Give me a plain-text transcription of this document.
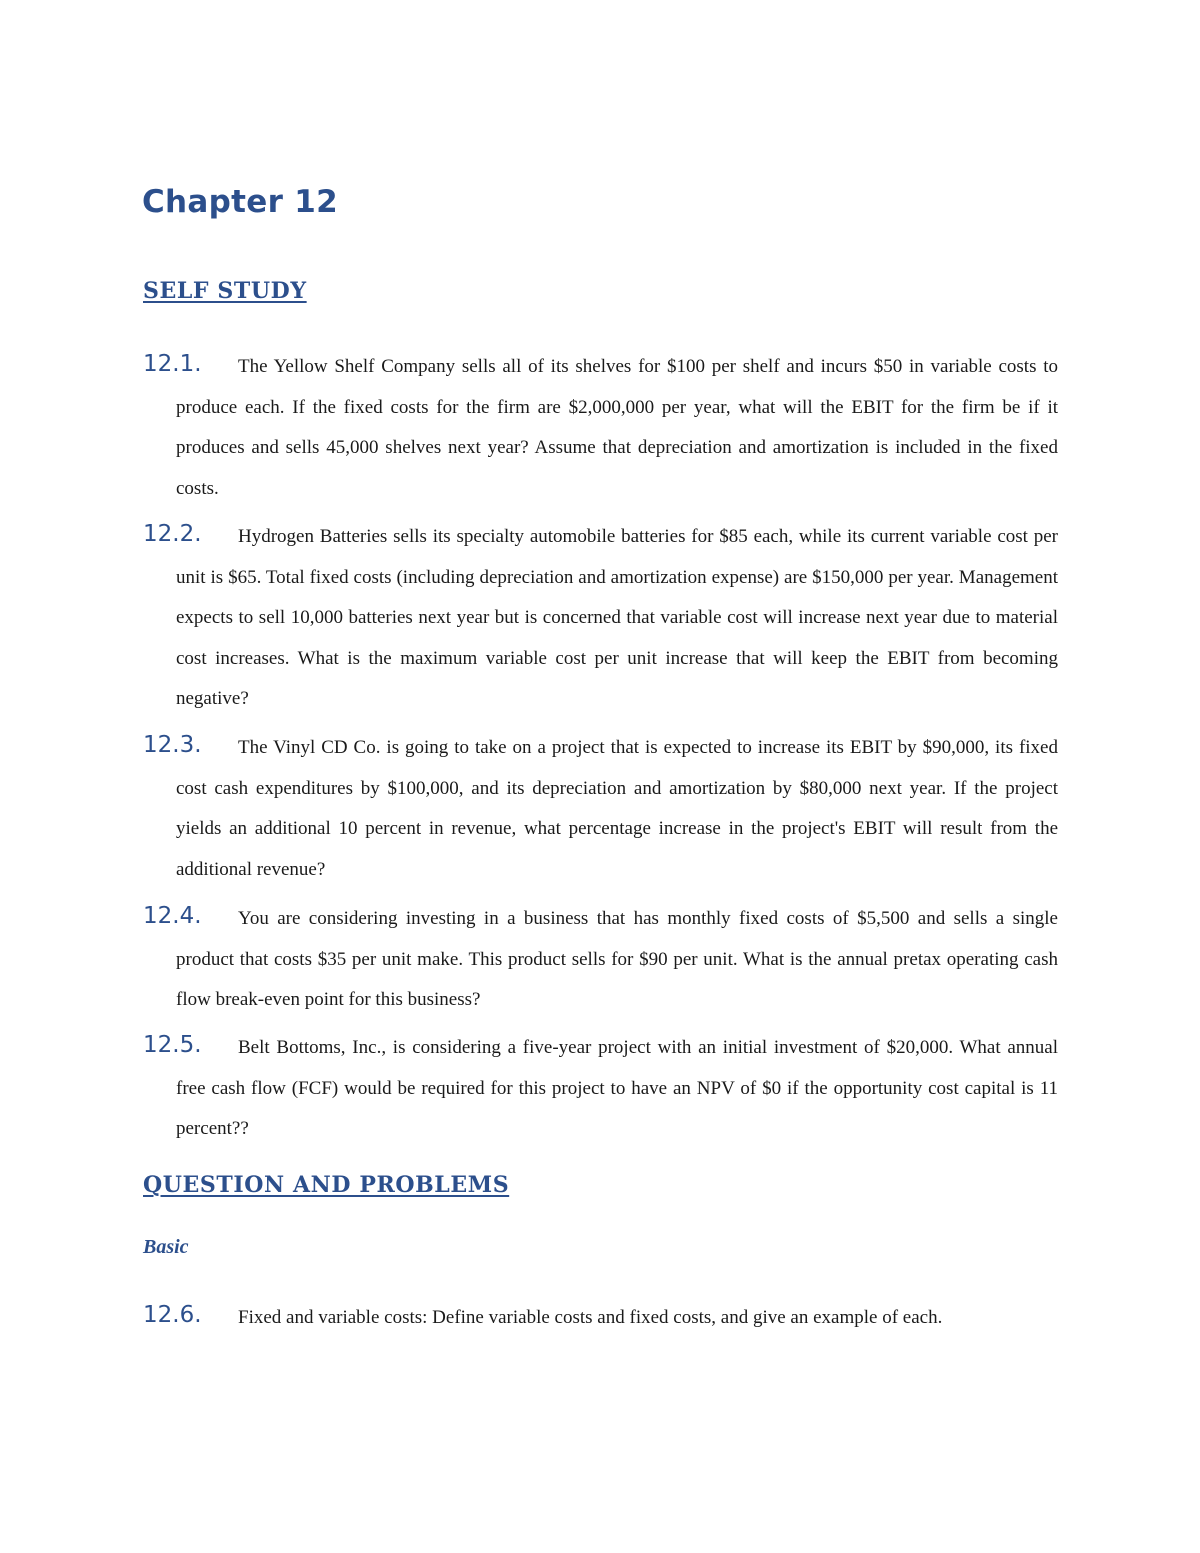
Chapter 12
SELF STUDY
12.1.	The Yellow Shelf Company sells all of its shelves for $100 per shelf and incurs $50 in variable costs to produce each. If the fixed costs for the firm are $2,000,000 per year, what will the EBIT for the firm be if it produces and sells 45,000 shelves next year? Assume that depreciation and amortization is included in the fixed costs.

12.2.	Hydrogen Batteries sells its specialty automobile batteries for $85 each, while its current variable cost per unit is $65. Total fixed costs (including depreciation and amortization expense) are $150,000 per year. Management expects to sell 10,000 batteries next year but is concerned that variable cost will increase next year due to material cost increases. What is the maximum variable cost per unit increase that will keep the EBIT from becoming negative?

12.3.	The Vinyl CD Co. is going to take on a project that is expected to increase its EBIT by $90,000, its fixed cost cash expenditures by $100,000, and its depreciation and amortization by $80,000 next year. If the project yields an additional 10 percent in revenue, what percentage increase in the project's EBIT will result from the additional revenue?

12.4.	You are considering investing in a business that has monthly fixed costs of $5,500 and sells a single product that costs $35 per unit make. This product sells for $90 per unit. What is the annual pretax operating cash flow break-even point for this business?

12.5.	Belt Bottoms, Inc., is considering a five-year project with an initial investment of $20,000. What annual free cash flow (FCF) would be required for this project to have an NPV of $0 if the opportunity cost capital is 11 percent??

QUESTION AND PROBLEMS
Basic
12.6.	Fixed and variable costs: Define variable costs and fixed costs, and give an example of each.
